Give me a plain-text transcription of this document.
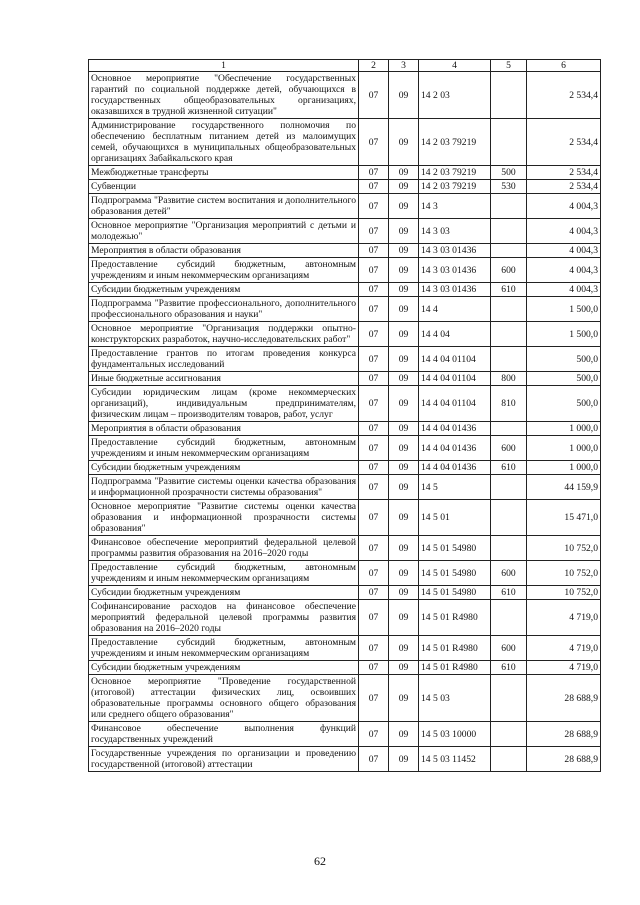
1	2	3	4	5	6
Основное мероприятие "Обеспечение государственных гарантий по социальной поддержке детей, обучающихся в государственных общеобразовательных организациях, оказавшихся в трудной жизненной ситуации"	07	09	14 2 03		2 534,4
Администрирование государственного полномочия по обеспечению бесплатным питанием детей из малоимущих семей, обучающихся в муниципальных общеобразовательных организациях Забайкальского края	07	09	14 2 03 79219		2 534,4
Межбюджетные трансферты	07	09	14 2 03 79219	500	2 534,4
Субвенции	07	09	14 2 03 79219	530	2 534,4
Подпрограмма "Развитие систем воспитания и дополнительного образования детей"	07	09	14 3		4 004,3
Основное мероприятие "Организация мероприятий с детьми и молодежью"	07	09	14 3 03		4 004,3
Мероприятия в области образования	07	09	14 3 03 01436		4 004,3
Предоставление субсидий бюджетным, автономным учреждениям и иным некоммерческим организациям	07	09	14 3 03 01436	600	4 004,3
Субсидии бюджетным учреждениям	07	09	14 3 03 01436	610	4 004,3
Подпрограмма "Развитие профессионального, дополнительного профессионального образования и науки"	07	09	14 4		1 500,0
Основное мероприятие "Организация поддержки опытно-конструкторских разработок, научно-исследовательских работ"	07	09	14 4 04		1 500,0
Предоставление грантов по итогам проведения конкурса фундаментальных исследований	07	09	14 4 04 01104		500,0
Иные бюджетные ассигнования	07	09	14 4 04 01104	800	500,0
Субсидии юридическим лицам (кроме некоммерческих организаций), индивидуальным предпринимателям, физическим лицам – производителям товаров, работ, услуг	07	09	14 4 04 01104	810	500,0
Мероприятия в области образования	07	09	14 4 04 01436		1 000,0
Предоставление субсидий бюджетным, автономным учреждениям и иным некоммерческим организациям	07	09	14 4 04 01436	600	1 000,0
Субсидии бюджетным учреждениям	07	09	14 4 04 01436	610	1 000,0
Подпрограмма "Развитие системы оценки качества образования и информационной прозрачности системы образования"	07	09	14 5		44 159,9
Основное мероприятие "Развитие системы оценки качества образования и информационной прозрачности системы образования"	07	09	14 5 01		15 471,0
Финансовое обеспечение мероприятий федеральной целевой программы развития образования на 2016–2020 годы	07	09	14 5 01 54980		10 752,0
Предоставление субсидий бюджетным, автономным учреждениям и иным некоммерческим организациям	07	09	14 5 01 54980	600	10 752,0
Субсидии бюджетным учреждениям	07	09	14 5 01 54980	610	10 752,0
Софинансирование расходов на финансовое обеспечение мероприятий федеральной целевой программы развития образования на 2016–2020 годы	07	09	14 5 01 R4980		4 719,0
Предоставление субсидий бюджетным, автономным учреждениям и иным некоммерческим организациям	07	09	14 5 01 R4980	600	4 719,0
Субсидии бюджетным учреждениям	07	09	14 5 01 R4980	610	4 719,0
Основное мероприятие "Проведение государственной (итоговой) аттестации физических лиц, освоивших образовательные программы основного общего образования или среднего общего образования"	07	09	14 5 03		28 688,9
Финансовое обеспечение выполнения функций государственных учреждений	07	09	14 5 03 10000		28 688,9
Государственные учреждения по организации и проведению государственной (итоговой) аттестации	07	09	14 5 03 11452		28 688,9
62
